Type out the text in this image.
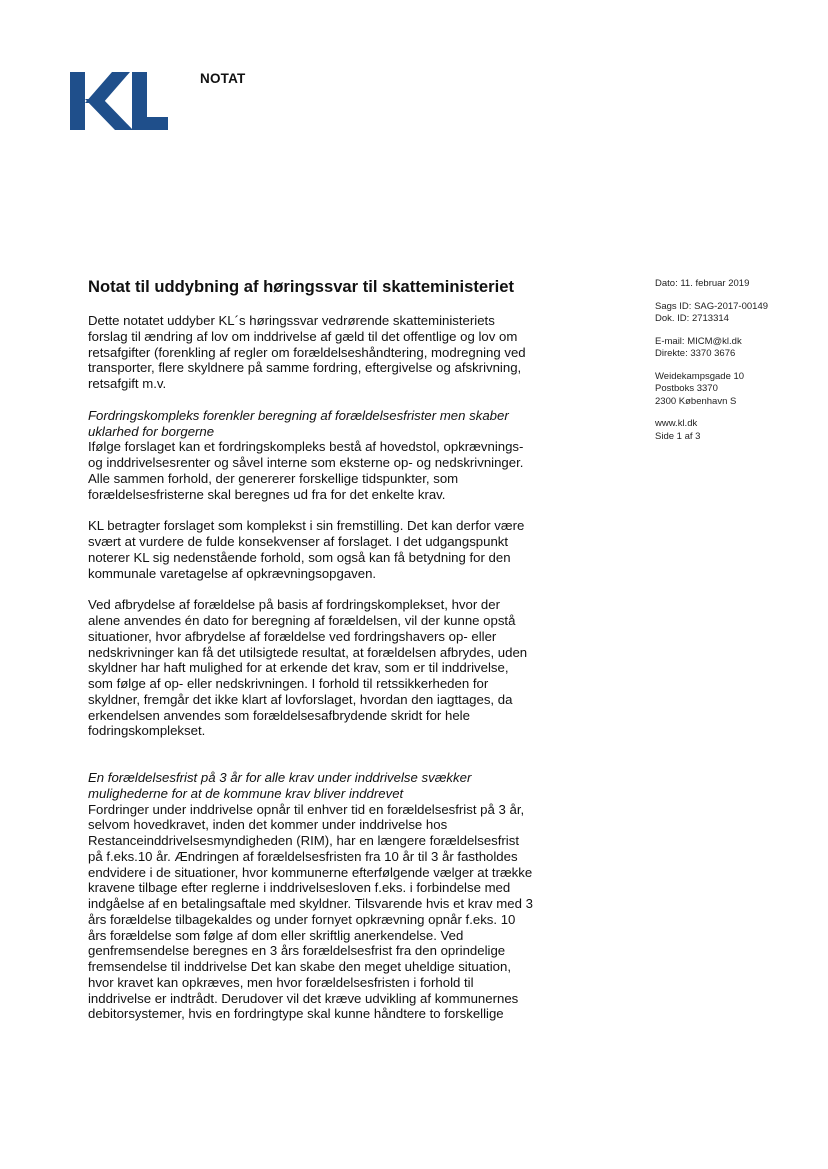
NOTAT
Notat til uddybning af høringssvar til skatteministeriet	Dato: 11. februar 2019
Sags ID: SAG-2017-00149
Dok. ID: 2713314
E-mail: MICM@kl.dk
Direkte: 3370 3676
Weidekampsgade 10
Postboks 3370
2300 København S
www.kl.dk
Side 1 af 3

Dette notatet uddyber KL´s høringssvar vedrørende skatteministeriets
forslag til ændring af lov om inddrivelse af gæld til det offentlige og lov om
retsafgifter (forenkling af regler om forældelseshåndtering, modregning ved
transporter, flere skyldnere på samme fordring, eftergivelse og afskrivning,
retsafgift m.v.

Fordringskompleks forenkler beregning af forældelsesfrister men skaber
uklarhed for borgerne

Ifølge forslaget kan et fordringskompleks bestå af hovedstol, opkrævnings-
og inddrivelsesrenter og såvel interne som eksterne op- og nedskrivninger.
Alle sammen forhold, der genererer forskellige tidspunkter, som
forældelsesfristerne skal beregnes ud fra for det enkelte krav.

KL betragter forslaget som komplekst i sin fremstilling. Det kan derfor være
svært at vurdere de fulde konsekvenser af forslaget. I det udgangspunkt
noterer KL sig nedenstående forhold, som også kan få betydning for den
kommunale varetagelse af opkrævningsopgaven.

Ved afbrydelse af forældelse på basis af fordringskomplekset, hvor der
alene anvendes én dato for beregning af forældelsen, vil der kunne opstå
situationer, hvor afbrydelse af forældelse ved fordringshavers op- eller
nedskrivninger kan få det utilsigtede resultat, at forældelsen afbrydes, uden
skyldner har haft mulighed for at erkende det krav, som er til inddrivelse,
som følge af op- eller nedskrivningen. I forhold til retssikkerheden for
skyldner, fremgår det ikke klart af lovforslaget, hvordan den iagttages, da
erkendelsen anvendes som forældelsesafbrydende skridt for hele
fodringskomplekset.

En forældelsesfrist på 3 år for alle krav under inddrivelse svækker
mulighederne for at de kommune krav bliver inddrevet

Fordringer under inddrivelse opnår til enhver tid en forældelsesfrist på 3 år,
selvom hovedkravet, inden det kommer under inddrivelse hos
Restanceinddrivelsesmyndigheden (RIM), har en længere forældelsesfrist
på f.eks.10 år. Ændringen af forældelsesfristen fra 10 år til 3 år fastholdes
endvidere i de situationer, hvor kommunerne efterfølgende vælger at trække
kravene tilbage efter reglerne i inddrivelsesloven f.eks. i forbindelse med
indgåelse af en betalingsaftale med skyldner. Tilsvarende hvis et krav med 3
års forældelse tilbagekaldes og under fornyet opkrævning opnår f.eks. 10
års forældelse som følge af dom eller skriftlig anerkendelse. Ved
genfremsendelse beregnes en 3 års forældelsesfrist fra den oprindelige
fremsendelse til inddrivelse Det kan skabe den meget uheldige situation,
hvor kravet kan opkræves, men hvor forældelsesfristen i forhold til
inddrivelse er indtrådt. Derudover vil det kræve udvikling af kommunernes
debitorsystemer, hvis en fordringtype skal kunne håndtere to forskellige
